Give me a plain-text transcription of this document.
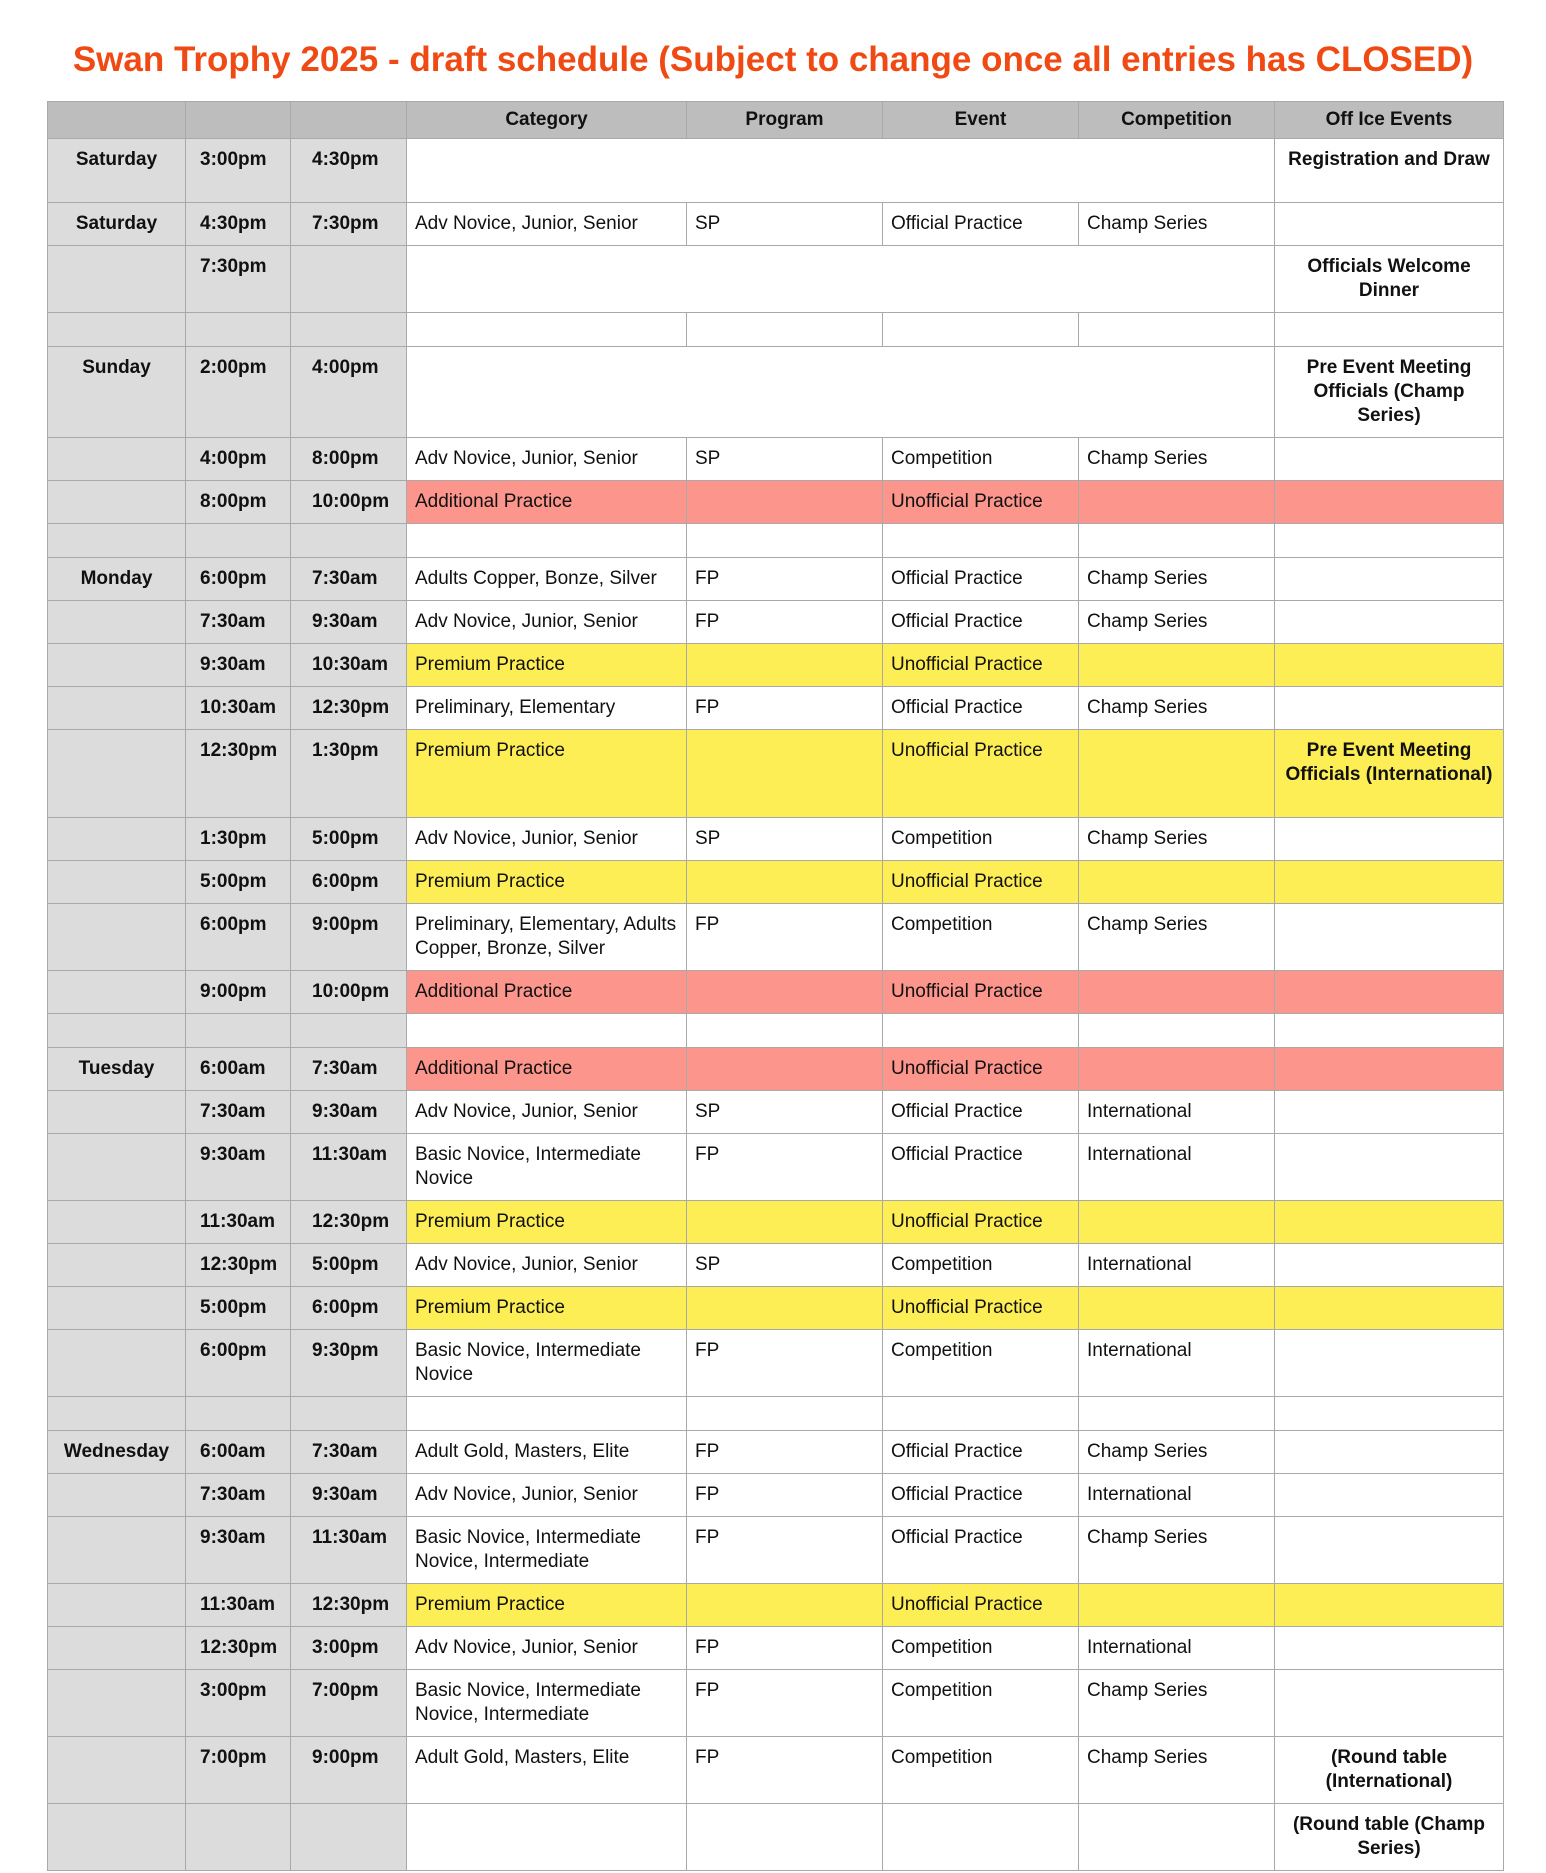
Swan Trophy 2025 - draft schedule (Subject to change once all entries has CLOSED)
			Category	Program	Event	Competition	Off Ice Events
Saturday	3:00pm	4:30pm					Registration and Draw
Saturday	4:30pm	7:30pm	Adv Novice, Junior, Senior	SP	Official Practice	Champ Series	
	7:30pm						Officials Welcome Dinner

Sunday	2:00pm	4:00pm					Pre Event Meeting Officials (Champ Series)
	4:00pm	8:00pm	Adv Novice, Junior, Senior	SP	Competition	Champ Series	
	8:00pm	10:00pm	Additional Practice		Unofficial Practice		

Monday	6:00pm	7:30am	Adults Copper, Bonze, Silver	FP	Official Practice	Champ Series	
	7:30am	9:30am	Adv Novice, Junior, Senior	FP	Official Practice	Champ Series	
	9:30am	10:30am	Premium Practice		Unofficial Practice		
	10:30am	12:30pm	Preliminary, Elementary	FP	Official Practice	Champ Series	
	12:30pm	1:30pm	Premium Practice		Unofficial Practice		Pre Event Meeting Officials (International)
	1:30pm	5:00pm	Adv Novice, Junior, Senior	SP	Competition	Champ Series	
	5:00pm	6:00pm	Premium Practice		Unofficial Practice		
	6:00pm	9:00pm	Preliminary, Elementary, Adults Copper, Bronze, Silver	FP	Competition	Champ Series	
	9:00pm	10:00pm	Additional Practice		Unofficial Practice		

Tuesday	6:00am	7:30am	Additional Practice		Unofficial Practice		
	7:30am	9:30am	Adv Novice, Junior, Senior	SP	Official Practice	International	
	9:30am	11:30am	Basic Novice, Intermediate Novice	FP	Official Practice	International	
	11:30am	12:30pm	Premium Practice		Unofficial Practice		
	12:30pm	5:00pm	Adv Novice, Junior, Senior	SP	Competition	International	
	5:00pm	6:00pm	Premium Practice		Unofficial Practice		
	6:00pm	9:30pm	Basic Novice, Intermediate Novice	FP	Competition	International	

Wednesday	6:00am	7:30am	Adult Gold, Masters, Elite	FP	Official Practice	Champ Series	
	7:30am	9:30am	Adv Novice, Junior, Senior	FP	Official Practice	International	
	9:30am	11:30am	Basic Novice, Intermediate Novice, Intermediate	FP	Official Practice	Champ Series	
	11:30am	12:30pm	Premium Practice		Unofficial Practice		
	12:30pm	3:00pm	Adv Novice, Junior, Senior	FP	Competition	International	
	3:00pm	7:00pm	Basic Novice, Intermediate Novice, Intermediate	FP	Competition	Champ Series	
	7:00pm	9:00pm	Adult Gold, Masters, Elite	FP	Competition	Champ Series	(Round table (International)
							(Round table (Champ Series)
